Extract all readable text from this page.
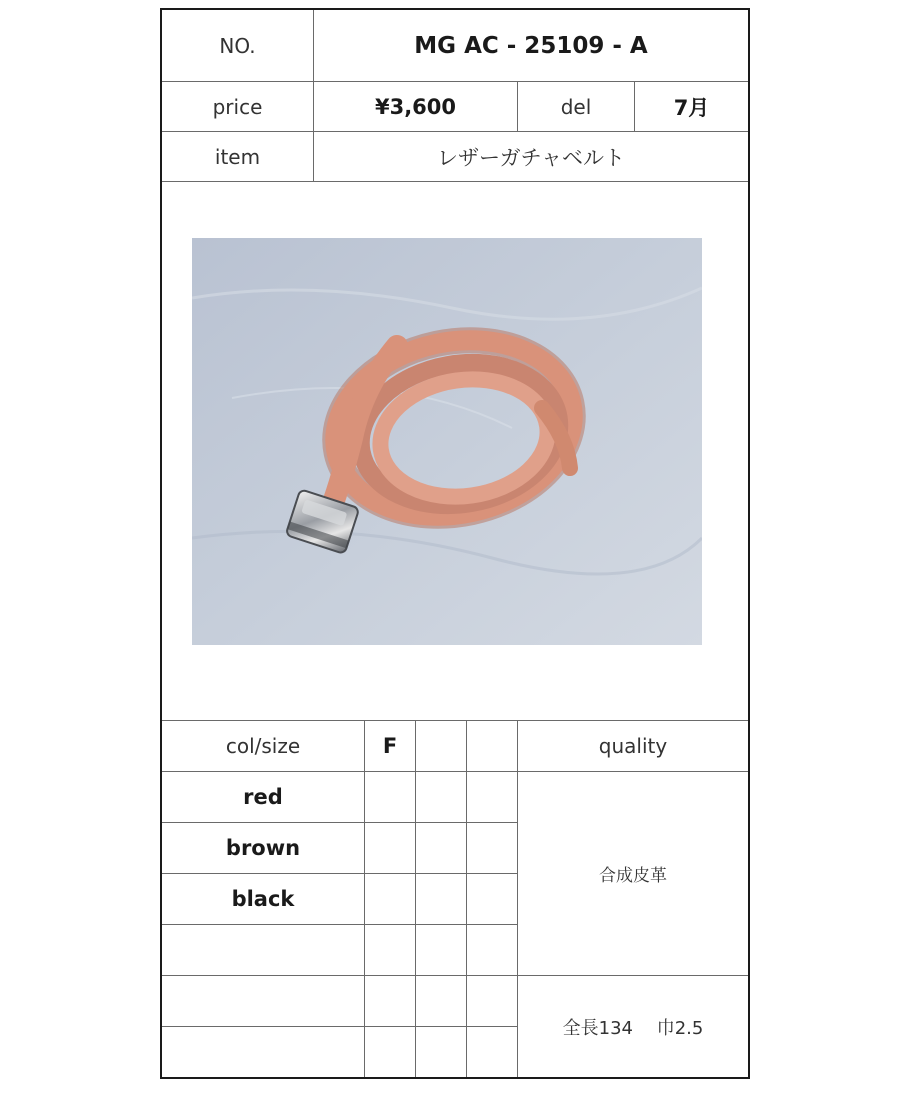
NO.	MG AC - 25109 - A
price	¥3,600	del	7月
item	レザーガチャベルト
col/size	F	quality
red
brown
black
合成皮革
全長134　 巾2.5
